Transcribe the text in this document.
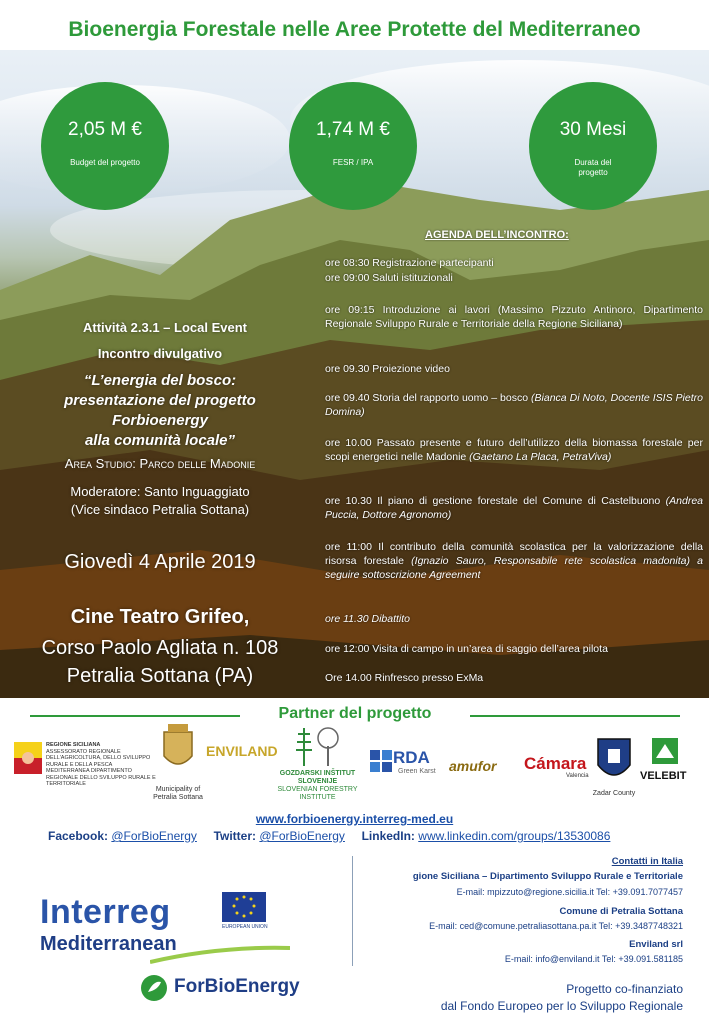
Bioenergia Forestale nelle Aree Protette del Mediterraneo
2,05 M €
Budget del progetto
1,74 M €
FESR / IPA
30 Mesi
Durata del progetto
Attività 2.3.1 – Local Event
Incontro divulgativo
“L’energia del bosco:
presentazione del progetto
Forbioenergy
alla comunità locale”
Area Studio: Parco delle Madonie
Moderatore: Santo Inguaggiato
(Vice sindaco Petralia Sottana)
Giovedì 4 Aprile 2019
Cine Teatro Grifeo,
Corso Paolo Agliata n. 108
Petralia Sottana (PA)
AGENDA DELL’INCONTRO:
ore 08:30 Registrazione partecipanti
ore 09:00 Saluti istituzionali
ore 09:15 Introduzione ai lavori (Massimo Pizzuto Antinoro, Dipartimento Regionale Sviluppo Rurale e Territoriale della Regione Siciliana)
ore 09.30 Proiezione video
ore 09.40 Storia del rapporto uomo – bosco (Bianca Di Noto, Docente ISIS Pietro Domina)
ore 10.00 Passato presente e futuro dell’utilizzo della biomassa forestale per scopi energetici nelle Madonie (Gaetano La Placa, PetraViva)
ore 10.30 Il piano di gestione forestale del Comune di Castelbuono (Andrea Puccia, Dottore Agronomo)
ore 11:00 Il contributo della comunità scolastica per la valorizzazione della risorsa forestale (Ignazio Sauro, Responsabile rete scolastica madonita) a seguire sottoscrizione Agreement
ore 11.30 Dibattito
ore 12:00 Visita di campo in un’area di saggio dell’area pilota
Ore 14.00 Rinfresco presso ExMa
Partner del progetto
REGIONE SICILIANA
ASSESSORATO REGIONALE DELL'AGRICOLTURA, DELLO SVILUPPO RURALE E DELLA PESCA MEDITERRANEA DIPARTIMENTO REGIONALE DELLO SVILUPPO RURALE E TERRITORIALE
Municipality of Petralia Sottana
ENVILAND
GOZDARSKI INŠTITUT SLOVENIJE
SLOVENIAN FORESTRY INSTITUTE
RDA
Green Karst amufor Cámara
Valencia
Zadar County
VELEBIT
www.forbioenergy.interreg-med.eu
Facebook: @ForBioEnergy Twitter: @ForBioEnergy LinkedIn: www.linkedin.com/groups/13530086
Contatti in Italia
gione Siciliana – Dipartimento Sviluppo Rurale e Territoriale
E-mail: mpizzuto@regione.sicilia.it Tel: +39.091.7077457
Comune di Petralia Sottana
E-mail: ced@comune.petraliasottana.pa.it Tel: +39.3487748321
Enviland srl
E-mail: info@enviland.it Tel: +39.091.581185
Interreg	EUROPEAN UNION
Mediterranean
ForBioEnergy	Progetto co-finanziato
dal Fondo Europeo per lo Sviluppo Regionale
